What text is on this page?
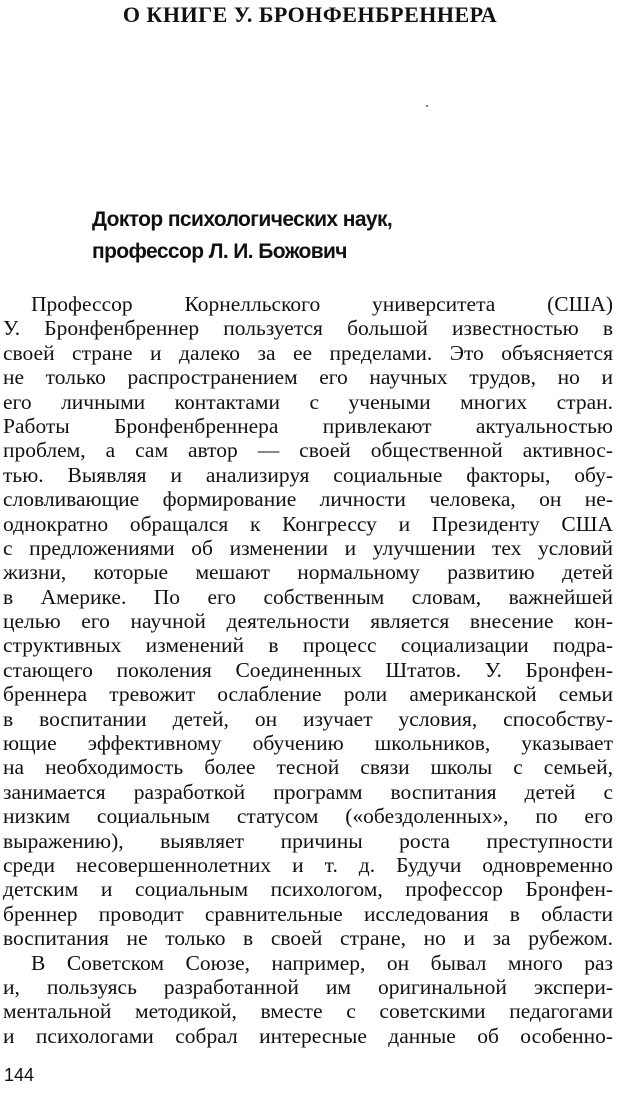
О КНИГЕ У. БРОНФЕНБРЕННЕРА
Доктор психологических наук,
профессор Л. И. Божович
Профессор Корнелльского университета (США)
У. Бронфенбреннер пользуется большой известностью в
своей стране и далеко за ее пределами. Это объясняется
не только распространением его научных трудов, но и
его личными контактами с учеными многих стран.
Работы Бронфенбреннера привлекают актуальностью
проблем, а сам автор — своей общественной активнос-
тью. Выявляя и анализируя социальные факторы, обу-
словливающие формирование личности человека, он не-
однократно обращался к Конгрессу и Президенту США
с предложениями об изменении и улучшении тех условий
жизни, которые мешают нормальному развитию детей
в Америке. По его собственным словам, важнейшей
целью его научной деятельности является внесение кон-
структивных изменений в процесс социализации подра-
стающего поколения Соединенных Штатов. У. Бронфен-
бреннера тревожит ослабление роли американской семьи
в воспитании детей, он изучает условия, способству-
ющие эффективному обучению школьников, указывает
на необходимость более тесной связи школы с семьей,
занимается разработкой программ воспитания детей с
низким социальным статусом («обездоленных», по его
выражению), выявляет причины роста преступности
среди несовершеннолетних и т. д. Будучи одновременно
детским и социальным психологом, профессор Бронфен-
бреннер проводит сравнительные исследования в области
воспитания не только в своей стране, но и за рубежом.
В Советском Союзе, например, он бывал много раз
и, пользуясь разработанной им оригинальной экспери-
ментальной методикой, вместе с советскими педагогами
и психологами собрал интересные данные об особенно-
144
